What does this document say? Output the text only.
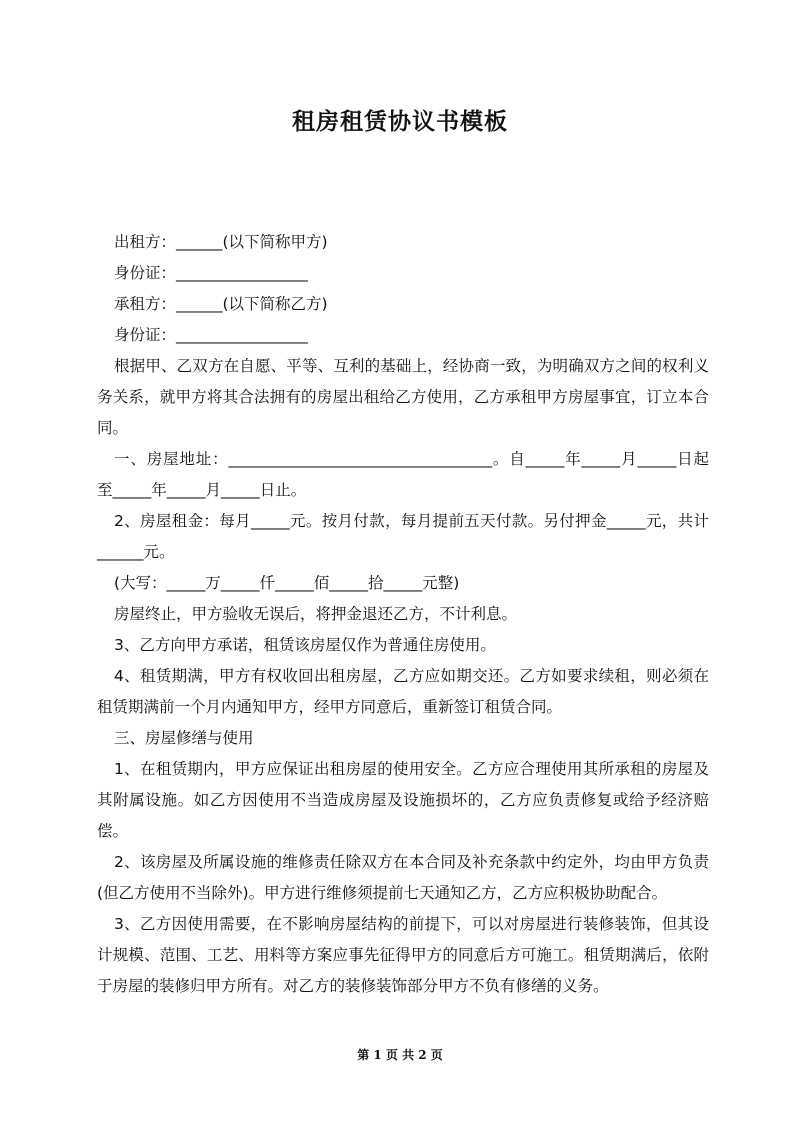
租房租赁协议书模板

出租方：______(以下简称甲方)

身份证：_________________

承租方：______(以下简称乙方)

身份证：_________________

根据甲、乙双方在自愿、平等、互利的基础上，经协商一致，为明确双方之间的权利义务关系，就甲方将其合法拥有的房屋出租给乙方使用，乙方承租甲方房屋事宜，订立本合同。

一、房屋地址：__________________________________。自_____年_____月_____日起至_____年_____月_____日止。

2、房屋租金：每月_____元。按月付款，每月提前五天付款。另付押金_____元，共计______元。

(大写：_____万_____仟_____佰_____拾_____元整)

房屋终止，甲方验收无误后，将押金退还乙方，不计利息。

3、乙方向甲方承诺，租赁该房屋仅作为普通住房使用。

4、租赁期满，甲方有权收回出租房屋，乙方应如期交还。乙方如要求续租，则必须在租赁期满前一个月内通知甲方，经甲方同意后，重新签订租赁合同。

三、房屋修缮与使用

1、在租赁期内，甲方应保证出租房屋的使用安全。乙方应合理使用其所承租的房屋及其附属设施。如乙方因使用不当造成房屋及设施损坏的，乙方应负责修复或给予经济赔偿。

2、该房屋及所属设施的维修责任除双方在本合同及补充条款中约定外，均由甲方负责(但乙方使用不当除外)。甲方进行维修须提前七天通知乙方，乙方应积极协助配合。

3、乙方因使用需要，在不影响房屋结构的前提下，可以对房屋进行装修装饰，但其设计规模、范围、工艺、用料等方案应事先征得甲方的同意后方可施工。租赁期满后，依附于房屋的装修归甲方所有。对乙方的装修装饰部分甲方不负有修缮的义务。

第 1 页 共 2 页
